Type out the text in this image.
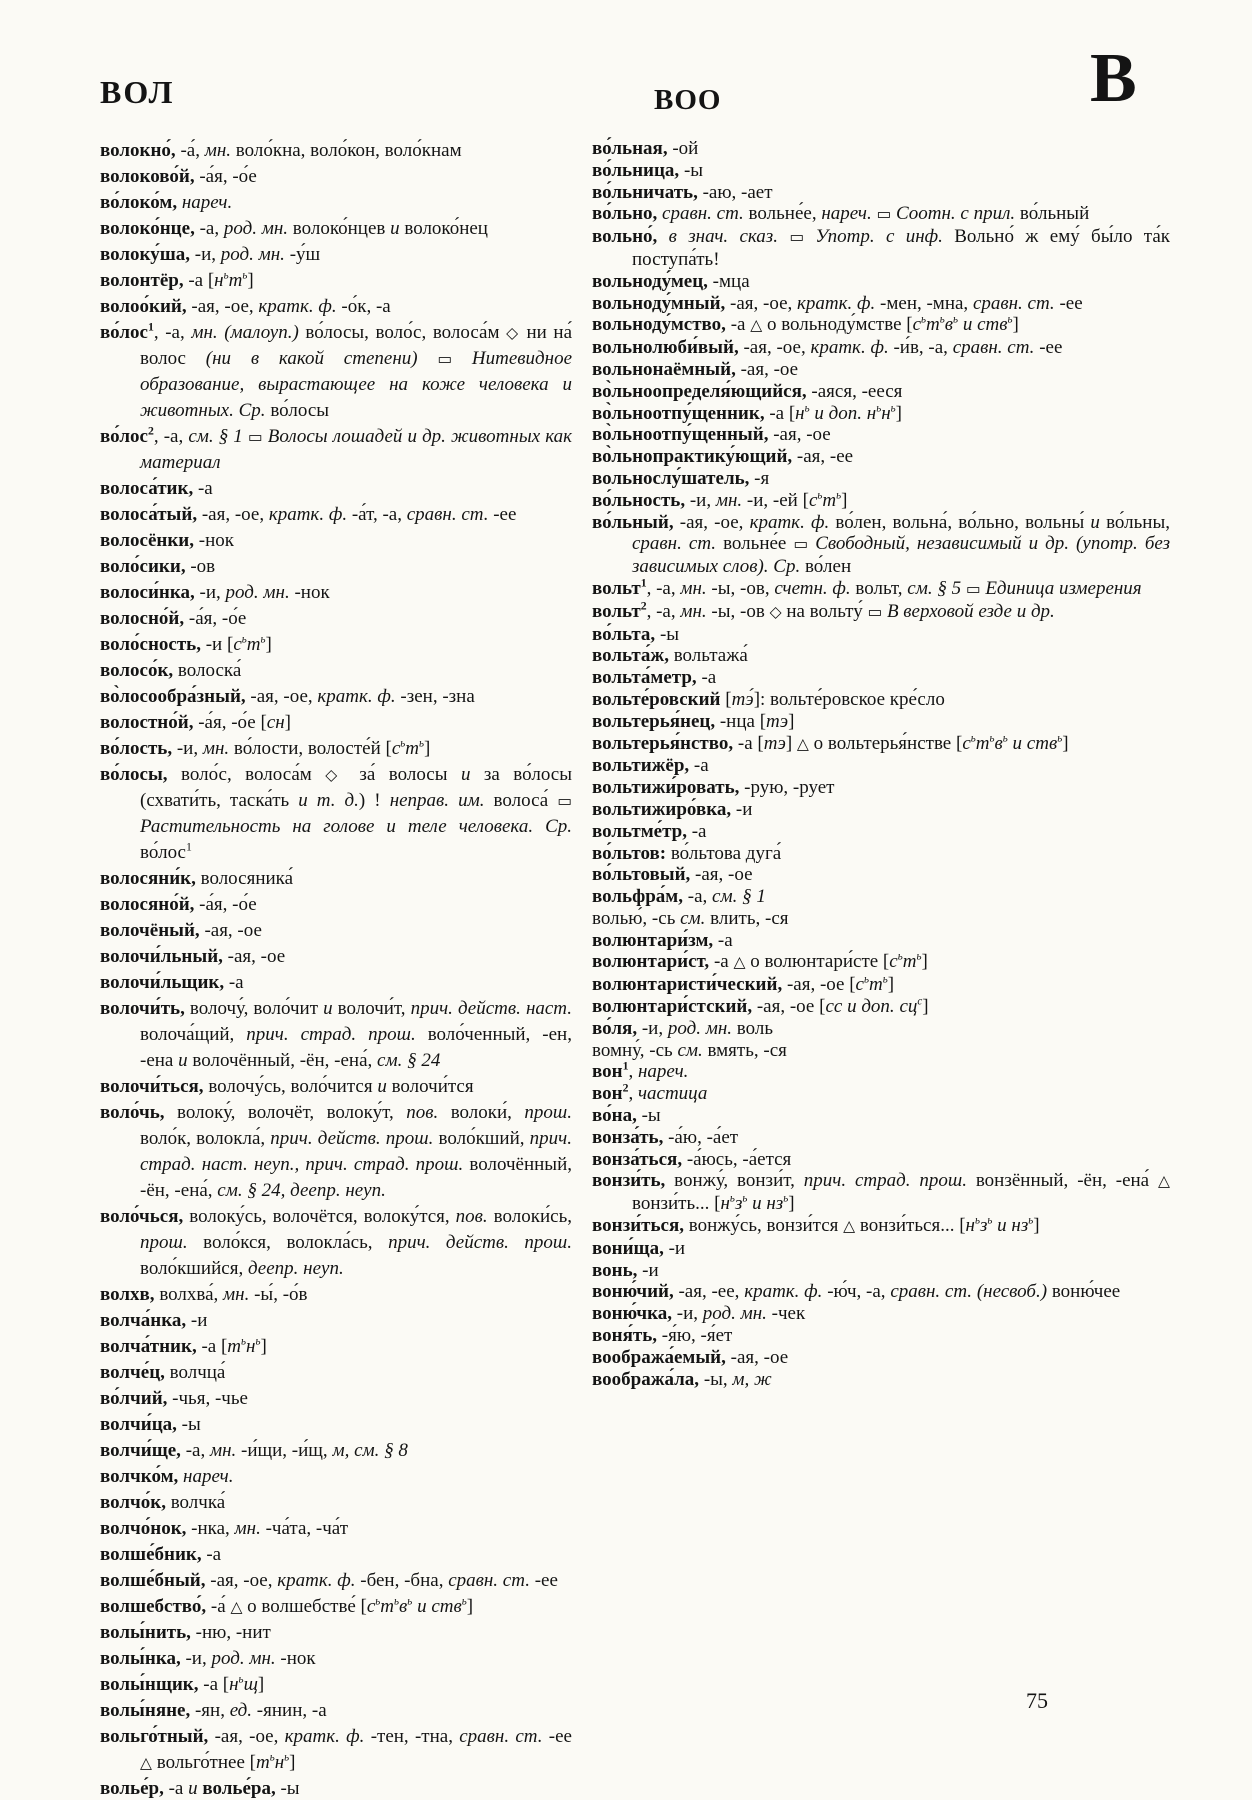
ВОЛ	ВОО	В

волокно́, -а́, мн. воло́кна, воло́кон, воло́кнам

волоково́й, -а́я, -о́е

во́локо́м, нареч.

волоко́нце, -а, род. мн. волоко́нцев и волоко́нец

волоку́ша, -и, род. мн. -у́ш

волонтёр, -а $[н^ьт^ь]$

волоо́кий, -ая, -ое, кратк. ф. -о́к, -а

во́лос$^1$, -а, мн. (малоуп.) во́лосы, воло́с, волоса́м ◇ ни на́ волос (ни в какой степени) ▭ Нитевидное образование, вырастающее на коже человека и животных. Ср. во́лосы

во́лос$^2$, -а, см. § 1 ▭ Волосы лошадей и др. животных как материал

волоса́тик, -а

волоса́тый, -ая, -ое, кратк. ф. -а́т, -а, сравн. ст. -ее

волосёнки, -нок

воло́сики, -ов

волоси́нка, -и, род. мн. -нок

волосно́й, -а́я, -о́е

воло́сность, -и $[с^ьт^ь]$

волосо́к, волоска́

во̀лосообра́зный, -ая, -ое, кратк. ф. -зен, -зна

волостно́й, -а́я, -о́е [сн]

во́лость, -и, мн. во́лости, волосте́й $[с^ьт^ь]$

во́лосы, воло́с, волоса́м ◇ за́ волосы и за во́лосы (схвати́ть, таска́ть и т. д.) ! неправ. им. волоса́ ▭ Растительность на голове и теле человека. Ср. во́лос$^1$

волосяни́к, волосяника́

волосяно́й, -а́я, -о́е

волочёный, -ая, -ое

волочи́льный, -ая, -ое

волочи́льщик, -а

волочи́ть, волочу́, воло́чит и волочи́т, прич. действ. наст. волоча́щий, прич. страд. прош. воло́ченный, -ен, -ена и волочённый, -ён, -ена́, см. § 24

волочи́ться, волочу́сь, воло́чится и волочи́тся

воло́чь, волоку́, волочёт, волоку́т, пов. волоки́, прош. воло́к, волокла́, прич. действ. прош. воло́кший, прич. страд. наст. неуп., прич. страд. прош. волочённый, -ён, -ена́, см. § 24, деепр. неуп.

воло́чься, волоку́сь, волочётся, волоку́тся, пов. волоки́сь, прош. воло́кся, волокла́сь, прич. действ. прош. воло́кшийся, деепр. неуп.

волхв, волхва́, мн. -ы́, -о́в

волча́нка, -и

волча́тник, -а $[т^ьн^ь]$

волче́ц, волчца́

во́лчий, -чья, -чье

волчи́ца, -ы

волчи́ще, -а, мн. -и́щи, -и́щ, м, см. § 8

волчко́м, нареч.

волчо́к, волчка́

волчо́нок, -нка, мн. -ча́та, -ча́т

волше́бник, -а

волше́бный, -ая, -ое, кратк. ф. -бен, -бна, сравн. ст. -ее

волшебство́, -а́ △ о волшебстве́ [$с^ьт^ьв^ь$ и ств$^ь$]

волы́нить, -ню, -нит

волы́нка, -и, род. мн. -нок

волы́нщик, -а $[н^ьщ]$

волы́няне, -ян, ед. -янин, -а

вольго́тный, -ая, -ое, кратк. ф. -тен, -тна, сравн. ст. -ее △ вольго́тнее $[т^ьн^ь]$

волье́р, -а и волье́ра, -ы

во́льная, -ой

во́льница, -ы

во́льничать, -аю, -ает

во́льно, сравн. ст. вольне́е, нареч. ▭ Соотн. с прил. во́льный

вольно́, в знач. сказ. ▭ Употр. с инф. Вольно́ ж ему́ бы́ло та́к поступа́ть!

вольноду́мец, -мца

вольноду́мный, -ая, -ое, кратк. ф. -мен, -мна, сравн. ст. -ее

вольноду́мство, -а △ о вольноду́мстве [$с^ьт^ьв^ь$ и ств$^ь$]

вольнолюби́вый, -ая, -ое, кратк. ф. -и́в, -а, сравн. ст. -ее

вольнонаёмный, -ая, -ое

во̀льноопределя́ющийся, -аяся, -ееся

во̀льноотпу́щенник, -а [$н^ь$ и доп. $н^ьн^ь$]

во̀льноотпу́щенный, -ая, -ое

во̀льнопрактику́ющий, -ая, -ее

вольнослу́шатель, -я

во́льность, -и, мн. -и, -ей $[с^ьт^ь]$

во́льный, -ая, -ое, кратк. ф. во́лен, вольна́, во́льно, вольны́ и во́льны, сравн. ст. вольне́е ▭ Свободный, независимый и др. (употр. без зависимых слов). Ср. во́лен

вольт$^1$, -а, мн. -ы, -ов, счетн. ф. вольт, см. § 5 ▭ Единица измерения

вольт$^2$, -а, мн. -ы, -ов ◇ на вольту́ ▭ В верховой езде и др.

во́льта, -ы

вольта́ж, вольтажа́

вольта́метр, -а

вольте́ровский [тэ́]: вольте́ровское кре́сло

вольтерья́нец, -нца [тэ]

вольтерья́нство, -а [тэ] △ о вольтерья́нстве [$с^ьт^ьв^ь$ и ств$^ь$]

вольтижёр, -а

вольтижи́ровать, -рую, -рует

вольтижиро́вка, -и

вольтме́тр, -а

во́льтов: во́льтова дуга́

во́льтовый, -ая, -ое

вольфра́м, -а, см. § 1

волью́, -сь см. влить, -ся

волюнтари́зм, -а

волюнтари́ст, -а △ о волюнтари́сте $[с^ьт^ь]$

волюнтаристи́ческий, -ая, -ое $[с^ьт^ь]$

волюнтари́стский, -ая, -ое [сс и доп. $сц^с$]

во́ля, -и, род. мн. воль

вомну́, -сь см. вмять, -ся

вон$^1$, нареч.

вон$^2$, частица

во́на, -ы

вонза́ть, -а́ю, -а́ет

вонза́ться, -а́юсь, -а́ется

вонзи́ть, вонжу́, вонзи́т, прич. страд. прош. вонзённый, -ён, -ена́ △ вонзи́ть... [$н^ьз^ь$ и $нз^ь$]

вонзи́ться, вонжу́сь, вонзи́тся △ вонзи́ться... [$н^ьз^ь$ и $нз^ь$]

вони́ща, -и

вонь, -и

воню́чий, -ая, -ее, кратк. ф. -ю́ч, -а, сравн. ст. (несвоб.) воню́чее

воню́чка, -и, род. мн. -чек

воня́ть, -я́ю, -я́ет

вообража́емый, -ая, -ое

вообража́ла, -ы, м, ж

75
